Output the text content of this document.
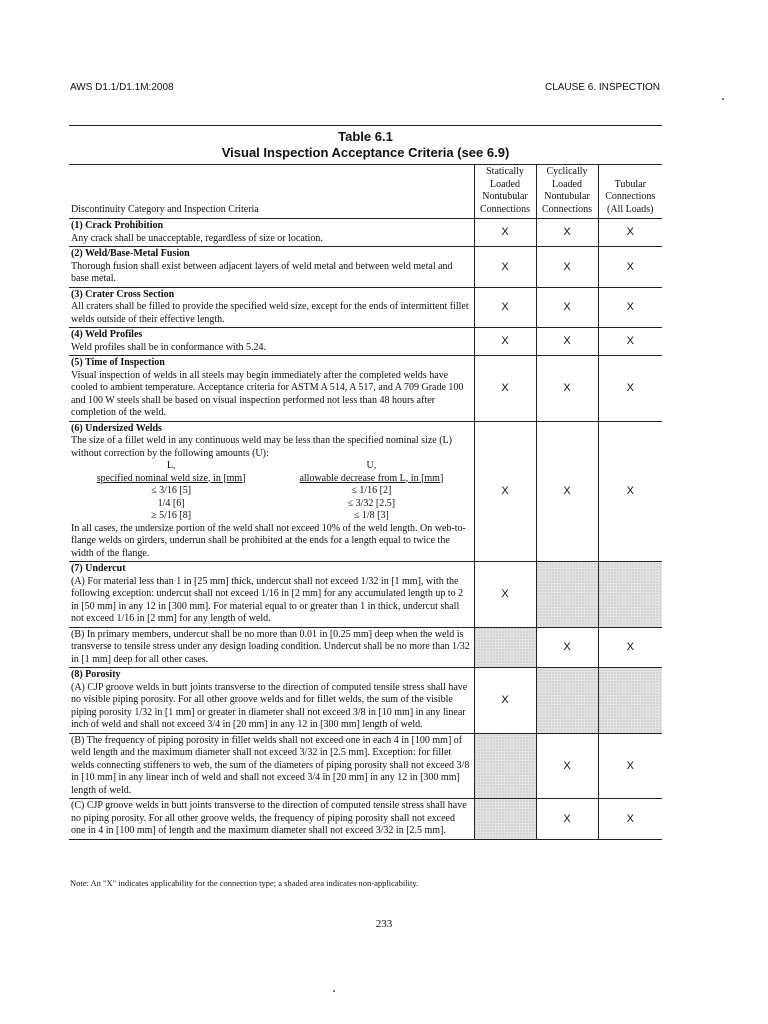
AWS D1.1/D1.1M:2008	CLAUSE 6. INSPECTION
Table 6.1
Visual Inspection Acceptance Criteria (see 6.9)
Discontinuity Category and Inspection Criteria	
Statically
Loaded
Nontubular
Connections

Cyclically
Loaded
Nontubular
Connections

Tubular
Connections
(All Loads)

(1) Crack Prohibition
Any crack shall be unacceptable, regardless of size or location.	X	X	X

(2) Weld/Base-Metal Fusion
Thorough fusion shall exist between adjacent layers of weld metal and between weld metal and base metal.	X	X	X

(3) Crater Cross Section
All craters shall be filled to provide the specified weld size, except for the ends of intermittent fillet welds outside of their effective length.	X	X	X

(4) Weld Profiles
Weld profiles shall be in conformance with 5.24.	X	X	X

(5) Time of Inspection
Visual inspection of welds in all steels may begin immediately after the completed welds have cooled to ambient temperature. Acceptance criteria for ASTM A 514, A 517, and A 709 Grade 100 and 100 W steels shall be based on visual inspection performed not less than 48 hours after completion of the weld.	X	X	X

(6) Undersized Welds
The size of a fillet weld in any continuous weld may be less than the specified nominal size (L) without correction by the following amounts (U):
L,	U,
specified nominal weld size, in [mm]	allowable decrease from L, in [mm]
≤ 3/16 [5]	≤ 1/16 [2]
1/4 [6]	≤ 3/32 [2.5]
≥ 5/16 [8]	≤ 1/8 [3]
In all cases, the undersize portion of the weld shall not exceed 10% of the weld length. On web-to-flange welds on girders, underrun shall be prohibited at the ends for a length equal to twice the width of the flange.	X	X	X

(7) Undercut
(A) For material less than 1 in [25 mm] thick, undercut shall not exceed 1/32 in [1 mm], with the following exception: undercut shall not exceed 1/16 in [2 mm] for any accumulated length up to 2 in [50 mm] in any 12 in [300 mm]. For material equal to or greater than 1 in thick, undercut shall not exceed 1/16 in [2 mm] for any length of weld.	X		
(B) In primary members, undercut shall be no more than 0.01 in [0.25 mm] deep when the weld is transverse to tensile stress under any design loading condition. Undercut shall be no more than 1/32 in [1 mm] deep for all other cases.		X	X

(8) Porosity
(A) CJP groove welds in butt joints transverse to the direction of computed tensile stress shall have no visible piping porosity. For all other groove welds and for fillet welds, the sum of the visible piping porosity 1/32 in [1 mm] or greater in diameter shall not exceed 3/8 in [10 mm] in any linear inch of weld and shall not exceed 3/4 in [20 mm] in any 12 in [300 mm] length of weld.	X		
(B) The frequency of piping porosity in fillet welds shall not exceed one in each 4 in [100 mm] of weld length and the maximum diameter shall not exceed 3/32 in [2.5 mm]. Exception: for fillet welds connecting stiffeners to web, the sum of the diameters of piping porosity shall not exceed 3/8 in [10 mm] in any linear inch of weld and shall not exceed 3/4 in [20 mm] in any 12 in [300 mm] length of weld.		X	X
(C) CJP groove welds in butt joints transverse to the direction of computed tensile stress shall have no piping porosity. For all other groove welds, the frequency of piping porosity shall not exceed one in 4 in [100 mm] of length and the maximum diameter shall not exceed 3/32 in [2.5 mm].		X	X
Note: An "X" indicates applicability for the connection type; a shaded area indicates non-applicability.
233
